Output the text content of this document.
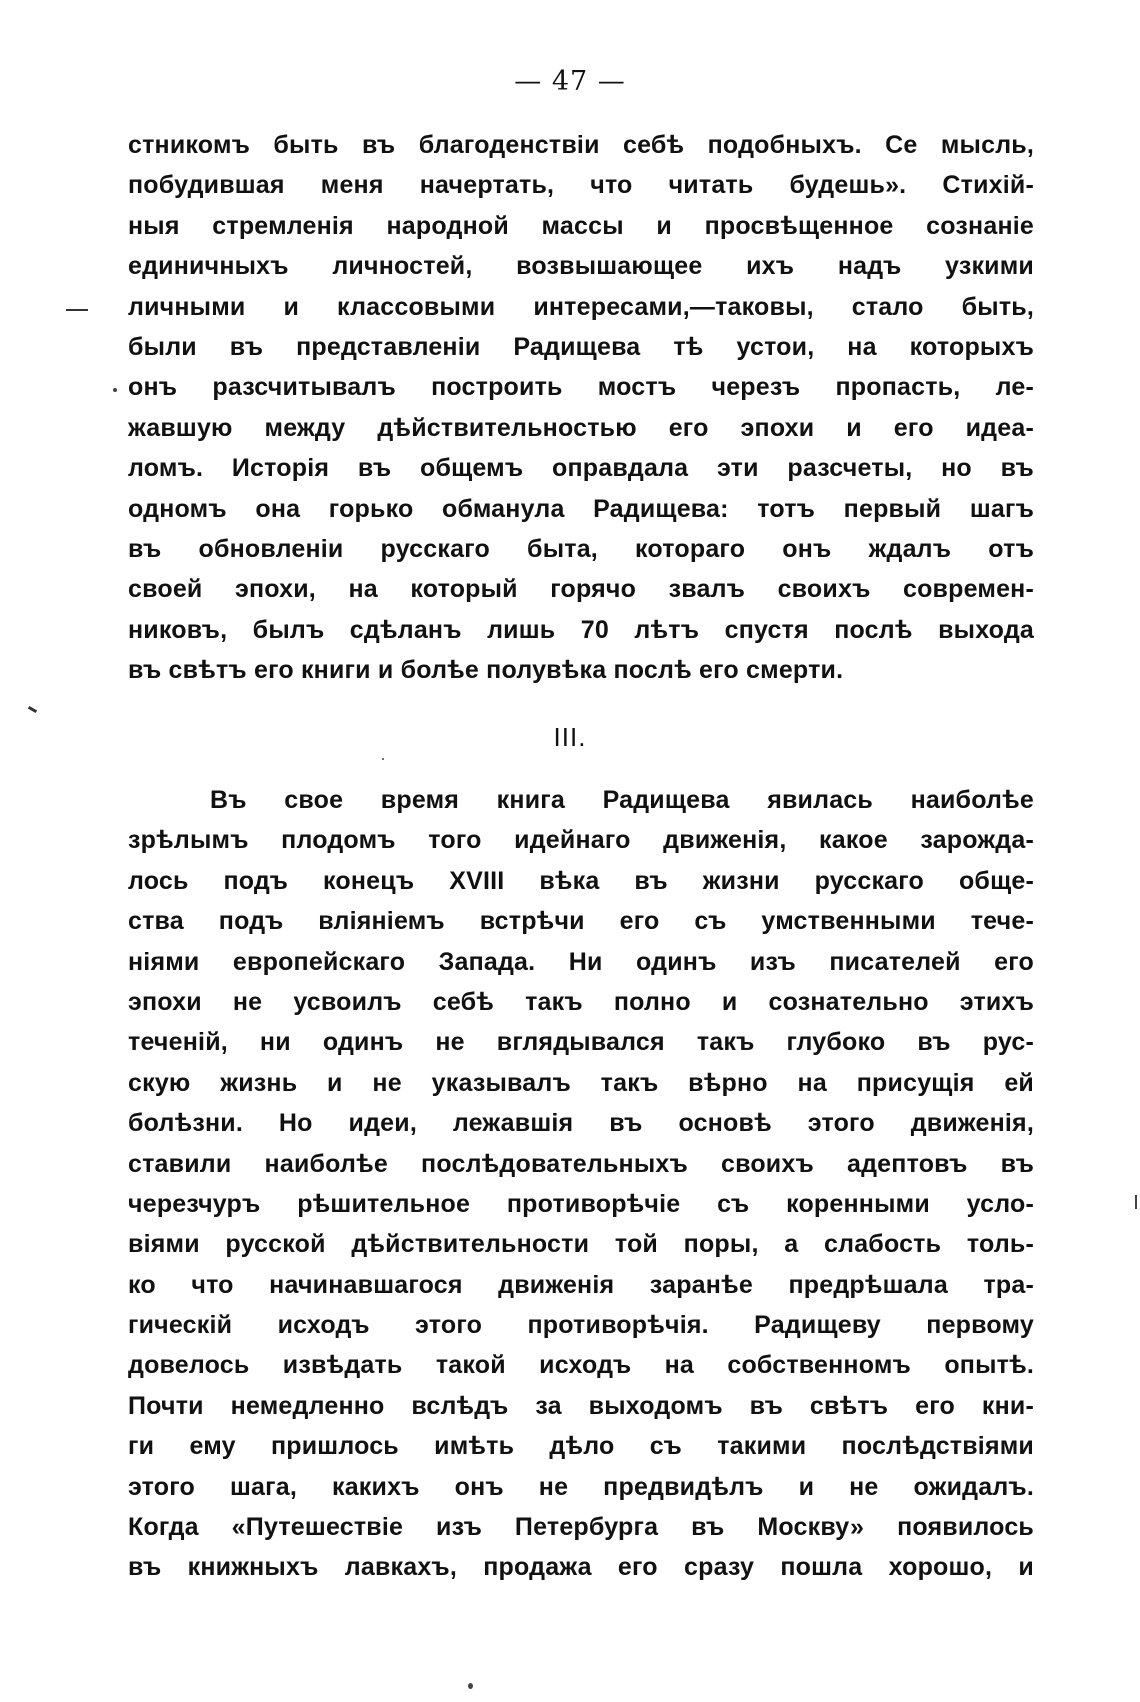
— 47 —
стникомъ быть въ благоденствіи себѣ подобныхъ. Се мысль,
побудившая меня начертать, что читать будешь». Стихій-
ныя стремленія народной массы и просвѣщенное сознаніе
единичныхъ личностей, возвышающее ихъ надъ узкими
личными и классовыми интересами,—таковы, стало быть,
были въ представленіи Радищева тѣ устои, на которыхъ
онъ разсчитывалъ построить мостъ черезъ пропасть, ле-
жавшую между дѣйствительностью его эпохи и его идеа-
ломъ. Исторія въ общемъ оправдала эти разсчеты, но въ
одномъ она горько обманула Радищева: тотъ первый шагъ
въ обновленіи русскаго быта, котораго онъ ждалъ отъ
своей эпохи, на который горячо звалъ своихъ современ-
никовъ, былъ сдѣланъ лишь 70 лѣтъ спустя послѣ выхода
въ свѣтъ его книги и болѣе полувѣка послѣ его смерти.
III.
Въ свое время книга Радищева явилась наиболѣе
зрѣлымъ плодомъ того идейнаго движенія, какое зарожда-
лось подъ конецъ XVIII вѣка въ жизни русскаго обще-
ства подъ вліяніемъ встрѣчи его съ умственными тече-
ніями европейскаго Запада. Ни одинъ изъ писателей его
эпохи не усвоилъ себѣ такъ полно и сознательно этихъ
теченій, ни одинъ не вглядывался такъ глубоко въ рус-
скую жизнь и не указывалъ такъ вѣрно на присущія ей
болѣзни. Но идеи, лежавшія въ основѣ этого движенія,
ставили наиболѣе послѣдовательныхъ своихъ адептовъ въ
черезчуръ рѣшительное противорѣчіе съ коренными усло-
віями русской дѣйствительности той поры, а слабость толь-
ко что начинавшагося движенія заранѣе предрѣшала тра-
гическій исходъ этого противорѣчія. Радищеву первому
довелось извѣдать такой исходъ на собственномъ опытѣ.
Почти немедленно вслѣдъ за выходомъ въ свѣтъ его кни-
ги ему пришлось имѣть дѣло съ такими послѣдствіями
этого шага, какихъ онъ не предвидѣлъ и не ожидалъ.
Когда «Путешествіе изъ Петербурга въ Москву» появилось
въ книжныхъ лавкахъ, продажа его сразу пошла хорошо, и
